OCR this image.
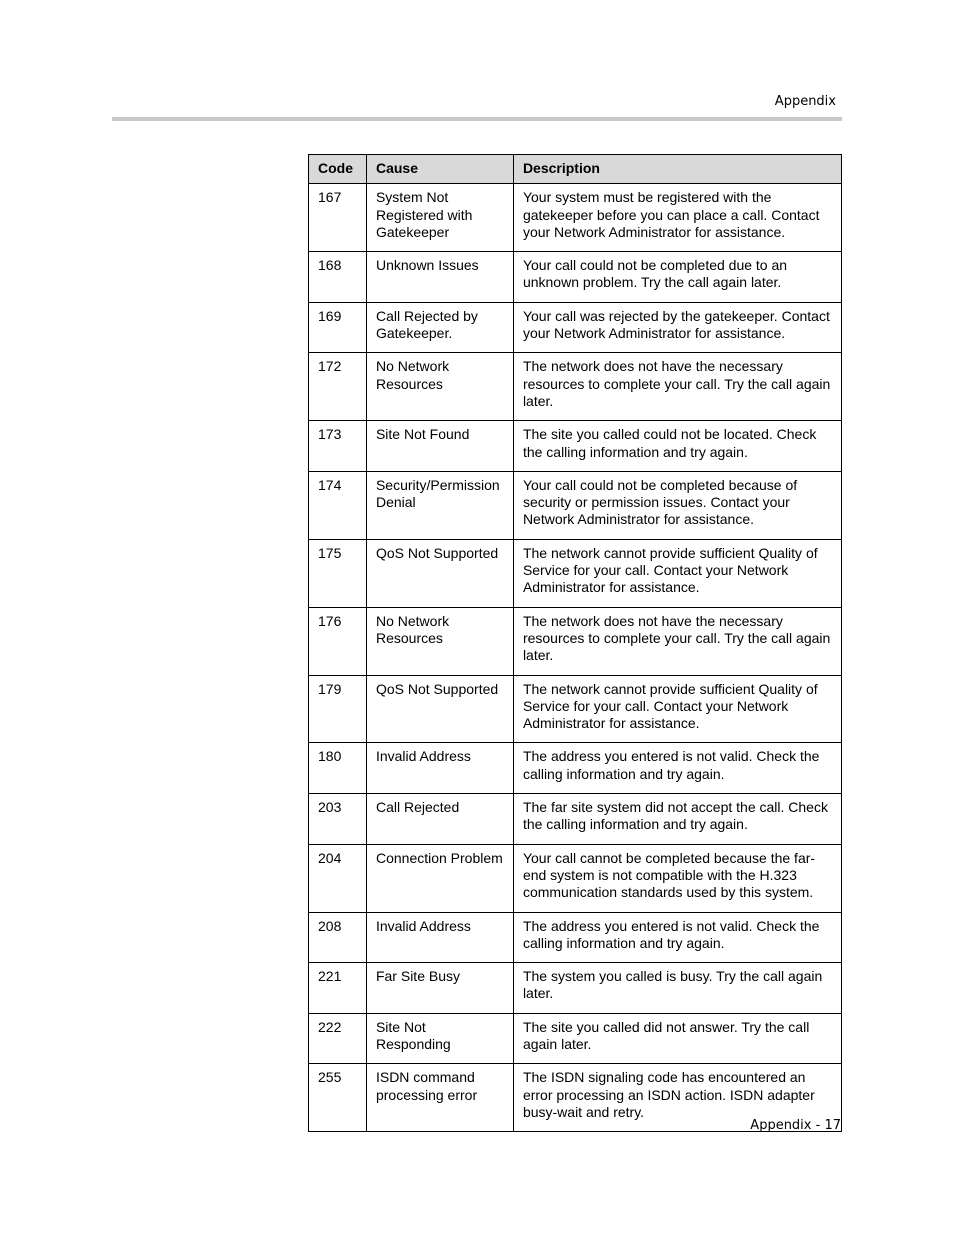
Appendix
Code	Cause	Description
167	System Not Registered with Gatekeeper	Your system must be registered with the gatekeeper before you can place a call. Contact your Network Administrator for assistance.
168	Unknown Issues	Your call could not be completed due to an unknown problem. Try the call again later.
169	Call Rejected by Gatekeeper.	Your call was rejected by the gatekeeper. Contact your Network Administrator for assistance.
172	No Network Resources	The network does not have the necessary resources to complete your call. Try the call again later.
173	Site Not Found	The site you called could not be located. Check the calling information and try again.
174	Security/Permission Denial	Your call could not be completed because of security or permission issues. Contact your Network Administrator for assistance.
175	QoS Not Supported	The network cannot provide sufficient Quality of Service for your call. Contact your Network Administrator for assistance.
176	No Network Resources	The network does not have the necessary resources to complete your call. Try the call again later.
179	QoS Not Supported	The network cannot provide sufficient Quality of Service for your call. Contact your Network Administrator for assistance.
180	Invalid Address	The address you entered is not valid. Check the calling information and try again.
203	Call Rejected	The far site system did not accept the call. Check the calling information and try again.
204	Connection Problem	Your call cannot be completed because the far-end system is not compatible with the H.323 communication standards used by this system.
208	Invalid Address	The address you entered is not valid. Check the calling information and try again.
221	Far Site Busy	The system you called is busy. Try the call again later.
222	Site Not Responding	The site you called did not answer. Try the call again later.
255	ISDN command processing error	The ISDN signaling code has encountered an error processing an ISDN action. ISDN adapter busy-wait and retry.
Appendix - 17
